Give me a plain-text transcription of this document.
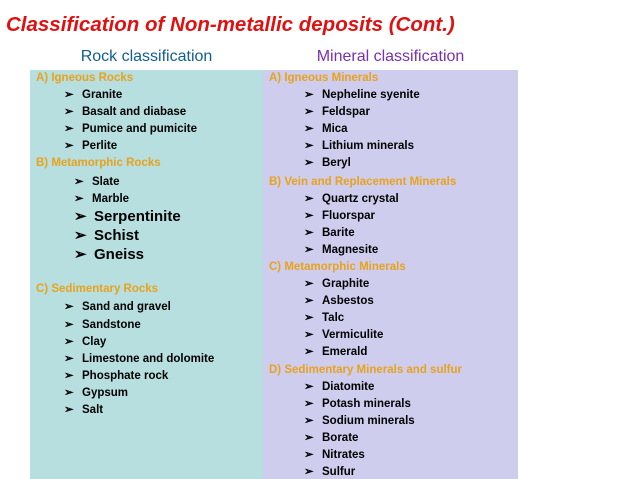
Classification of Non-metallic deposits (Cont.)
Rock classification
A) Igneous Rocks
➢ Granite
➢ Basalt and diabase
➢ Pumice and pumicite
➢ Perlite
B) Metamorphic Rocks
➢ Slate
➢ Marble
➢ Serpentinite
➢ Schist
➢ Gneiss
C) Sedimentary Rocks
➢ Sand and gravel
➢ Sandstone
➢ Clay
➢ Limestone and dolomite
➢ Phosphate rock
➢ Gypsum
➢ Salt
Mineral classification
A) Igneous Minerals
➢ Nepheline syenite
➢ Feldspar
➢ Mica
➢ Lithium minerals
➢ Beryl
B) Vein and Replacement Minerals
➢ Quartz crystal
➢ Fluorspar
➢ Barite
➢ Magnesite
C) Metamorphic Minerals
➢ Graphite
➢ Asbestos
➢ Talc
➢ Vermiculite
➢ Emerald
D) Sedimentary Minerals and sulfur
➢ Diatomite
➢ Potash minerals
➢ Sodium minerals
➢ Borate
➢ Nitrates
➢ Sulfur
